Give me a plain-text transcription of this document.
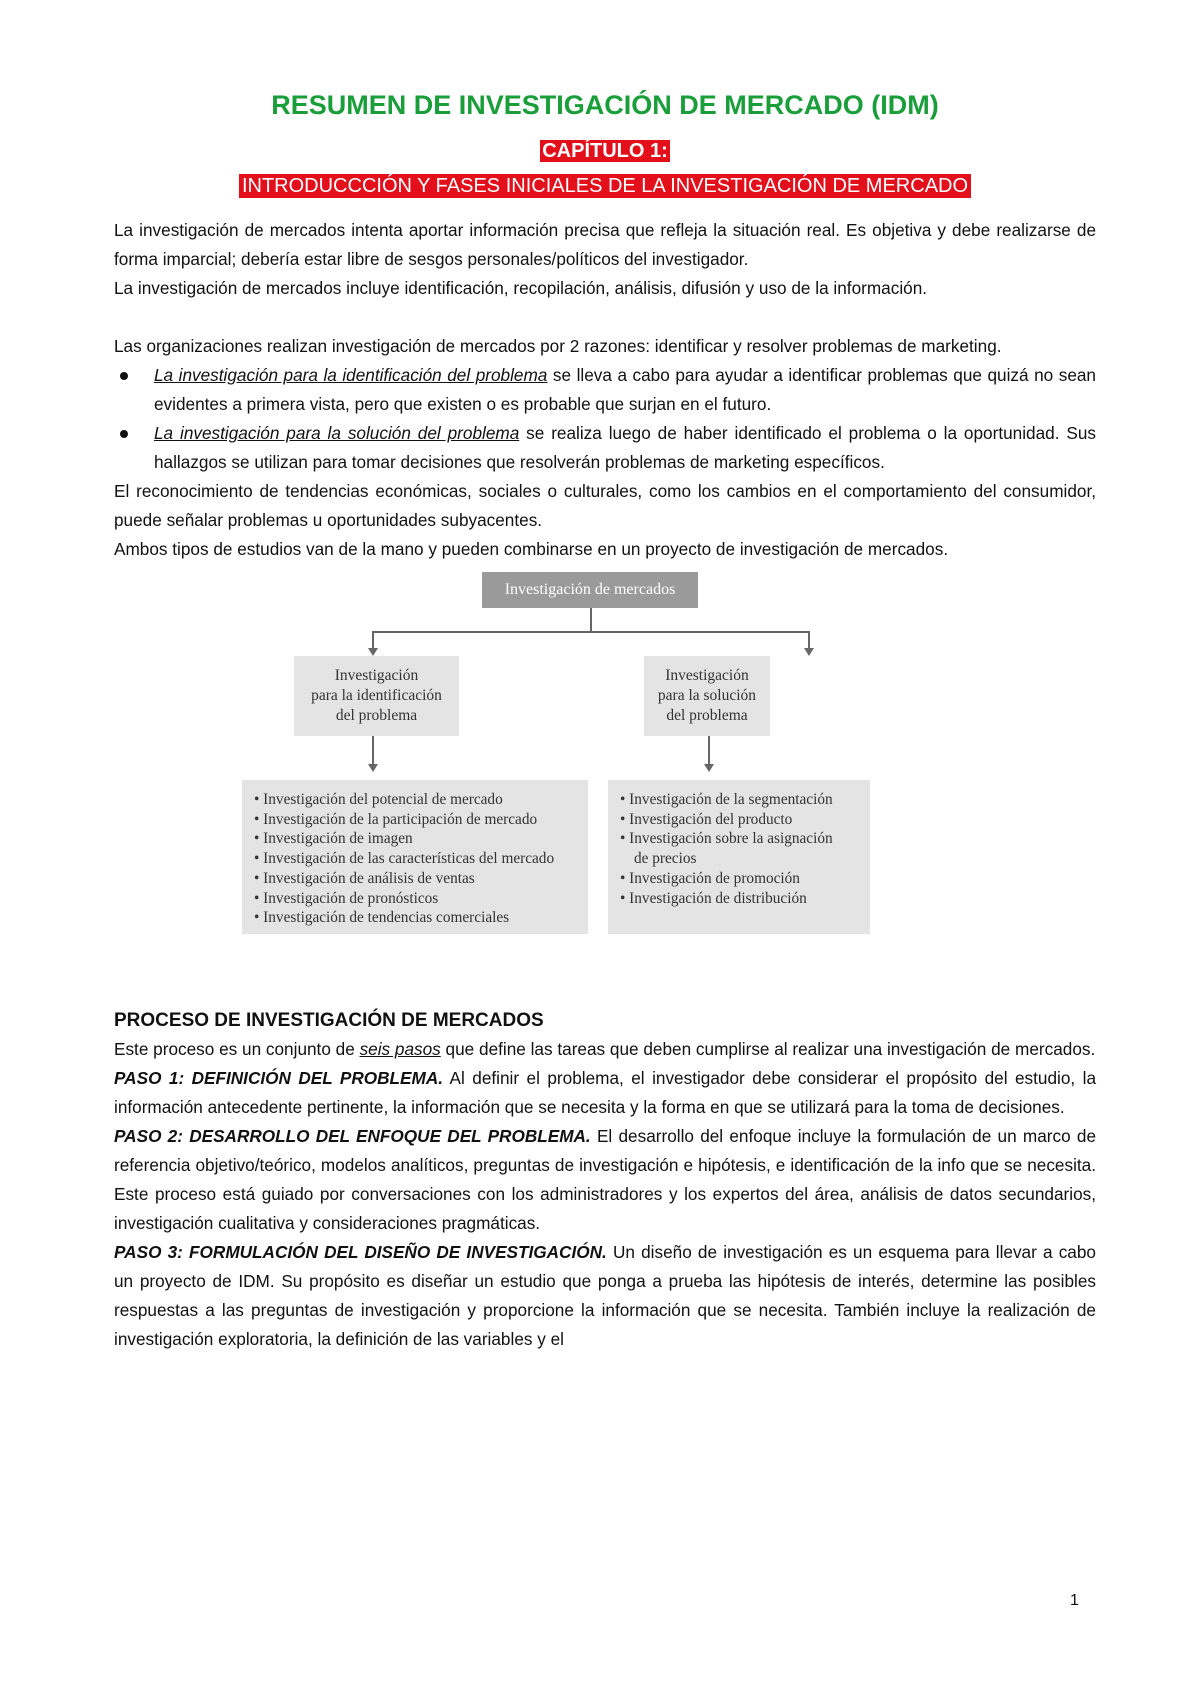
RESUMEN DE INVESTIGACIÓN DE MERCADO (IDM)
CAPÍTULO 1:
INTRODUCCCIÓN Y FASES INICIALES DE LA INVESTIGACIÓN DE MERCADO

La investigación de mercados intenta aportar información precisa que refleja la situación real. Es objetiva y debe realizarse de forma imparcial; debería estar libre de sesgos personales/políticos del investigador.

La investigación de mercados incluye identificación, recopilación, análisis, difusión y uso de la información.

Las organizaciones realizan investigación de mercados por 2 razones: identificar y resolver problemas de marketing.

La investigación para la identificación del problema se lleva a cabo para ayudar a identificar problemas que quizá no sean evidentes a primera vista, pero que existen o es probable que surjan en el futuro.
La investigación para la solución del problema se realiza luego de haber identificado el problema o la oportunidad. Sus hallazgos se utilizan para tomar decisiones que resolverán problemas de marketing específicos.

El reconocimiento de tendencias económicas, sociales o culturales, como los cambios en el comportamiento del consumidor, puede señalar problemas u oportunidades subyacentes.

Ambos tipos de estudios van de la mano y pueden combinarse en un proyecto de investigación de mercados.

Investigación de mercados
Investigación
para la identificación
del problema
Investigación
para la solución
del problema
• Investigación del potencial de mercado
• Investigación de la participación de mercado
• Investigación de imagen
• Investigación de las características del mercado
• Investigación de análisis de ventas
• Investigación de pronósticos
• Investigación de tendencias comerciales
• Investigación de la segmentación
• Investigación del producto
• Investigación sobre la asignación
de precios
• Investigación de promoción
• Investigación de distribución
PROCESO DE INVESTIGACIÓN DE MERCADOS

Este proceso es un conjunto de seis pasos que define las tareas que deben cumplirse al realizar una investigación de mercados.

PASO 1: DEFINICIÓN DEL PROBLEMA. Al definir el problema, el investigador debe considerar el propósito del estudio, la información antecedente pertinente, la información que se necesita y la forma en que se utilizará para la toma de decisiones.

PASO 2: DESARROLLO DEL ENFOQUE DEL PROBLEMA. El desarrollo del enfoque incluye la formulación de un marco de referencia objetivo/teórico, modelos analíticos, preguntas de investigación e hipótesis, e identificación de la info que se necesita. Este proceso está guiado por conversaciones con los administradores y los expertos del área, análisis de datos secundarios, investigación cualitativa y consideraciones pragmáticas.

PASO 3: FORMULACIÓN DEL DISEÑO DE INVESTIGACIÓN. Un diseño de investigación es un esquema para llevar a cabo un proyecto de IDM. Su propósito es diseñar un estudio que ponga a prueba las hipótesis de interés, determine las posibles respuestas a las preguntas de investigación y proporcione la información que se necesita. También incluye la realización de investigación exploratoria, la definición de las variables y el

1
